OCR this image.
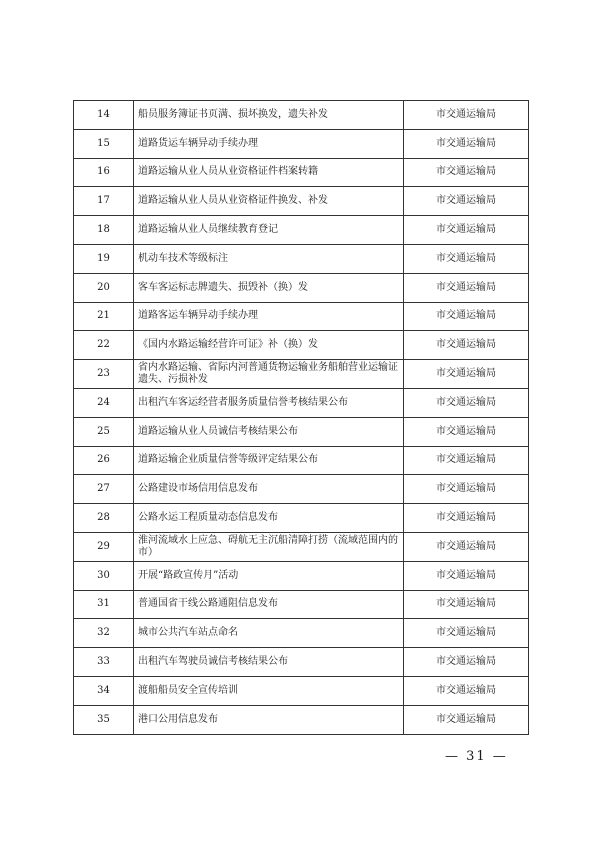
14	船员服务簿证书页满、损坏换发，遗失补发	市交通运输局
15	道路货运车辆异动手续办理	市交通运输局
16	道路运输从业人员从业资格证件档案转籍	市交通运输局
17	道路运输从业人员从业资格证件换发、补发	市交通运输局
18	道路运输从业人员继续教育登记	市交通运输局
19	机动车技术等级标注	市交通运输局
20	客车客运标志牌遗失、损毁补（换）发	市交通运输局
21	道路客运车辆异动手续办理	市交通运输局
22	《国内水路运输经营许可证》补（换）发	市交通运输局
23	省内水路运输、省际内河普通货物运输业务船舶营业运输证遗失、污损补发	市交通运输局
24	出租汽车客运经营者服务质量信誉考核结果公布	市交通运输局
25	道路运输从业人员诚信考核结果公布	市交通运输局
26	道路运输企业质量信誉等级评定结果公布	市交通运输局
27	公路建设市场信用信息发布	市交通运输局
28	公路水运工程质量动态信息发布	市交通运输局
29	淮河流域水上应急、碍航无主沉船清障打捞（流域范围内的市）	市交通运输局
30	开展“路政宣传月”活动	市交通运输局
31	普通国省干线公路通阻信息发布	市交通运输局
32	城市公共汽车站点命名	市交通运输局
33	出租汽车驾驶员诚信考核结果公布	市交通运输局
34	渡船船员安全宣传培训	市交通运输局
35	港口公用信息发布	市交通运输局
— 31 —
